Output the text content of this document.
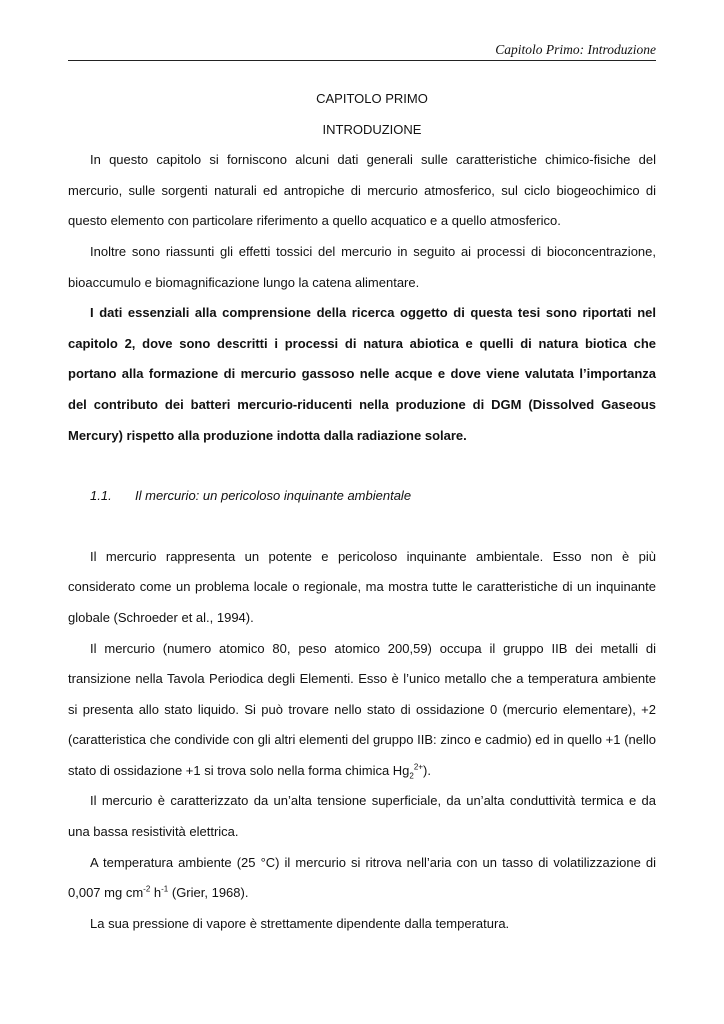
Capitolo Primo: Introduzione
CAPITOLO PRIMO
INTRODUZIONE

In questo capitolo si forniscono alcuni dati generali sulle caratteristiche chimico-fisiche del mercurio, sulle sorgenti naturali ed antropiche di mercurio atmosferico, sul ciclo biogeochimico di questo elemento con particolare riferimento a quello acquatico e a quello atmosferico.

Inoltre sono riassunti gli effetti tossici del mercurio in seguito ai processi di bioconcentrazione, bioaccumulo e biomagnificazione lungo la catena alimentare.

I dati essenziali alla comprensione della ricerca oggetto di questa tesi sono riportati nel capitolo 2, dove sono descritti i processi di natura abiotica e quelli di natura biotica che portano alla formazione di mercurio gassoso nelle acque e dove viene valutata l’importanza del contributo dei batteri mercurio-riducenti nella produzione di DGM (Dissolved Gaseous Mercury) rispetto alla produzione indotta dalla radiazione solare.

1.1. Il mercurio: un pericoloso inquinante ambientale

Il mercurio rappresenta un potente e pericoloso inquinante ambientale. Esso non è più considerato come un problema locale o regionale, ma mostra tutte le caratteristiche di un inquinante globale (Schroeder et al., 1994).

Il mercurio (numero atomico 80, peso atomico 200,59) occupa il gruppo IIB dei metalli di transizione nella Tavola Periodica degli Elementi. Esso è l’unico metallo che a temperatura ambiente si presenta allo stato liquido. Si può trovare nello stato di ossidazione 0 (mercurio elementare), +2 (caratteristica che condivide con gli altri elementi del gruppo IIB: zinco e cadmio) ed in quello +1 (nello stato di ossidazione +1 si trova solo nella forma chimica $Hg_2^{2+}$).

Il mercurio è caratterizzato da un’alta tensione superficiale, da un’alta conduttività termica e da una bassa resistività elettrica.

A temperatura ambiente (25 °C) il mercurio si ritrova nell’aria con un tasso di volatilizzazione di 0,007 mg $cm^{-2}$ $h^{-1}$ (Grier, 1968).

La sua pressione di vapore è strettamente dipendente dalla temperatura.
